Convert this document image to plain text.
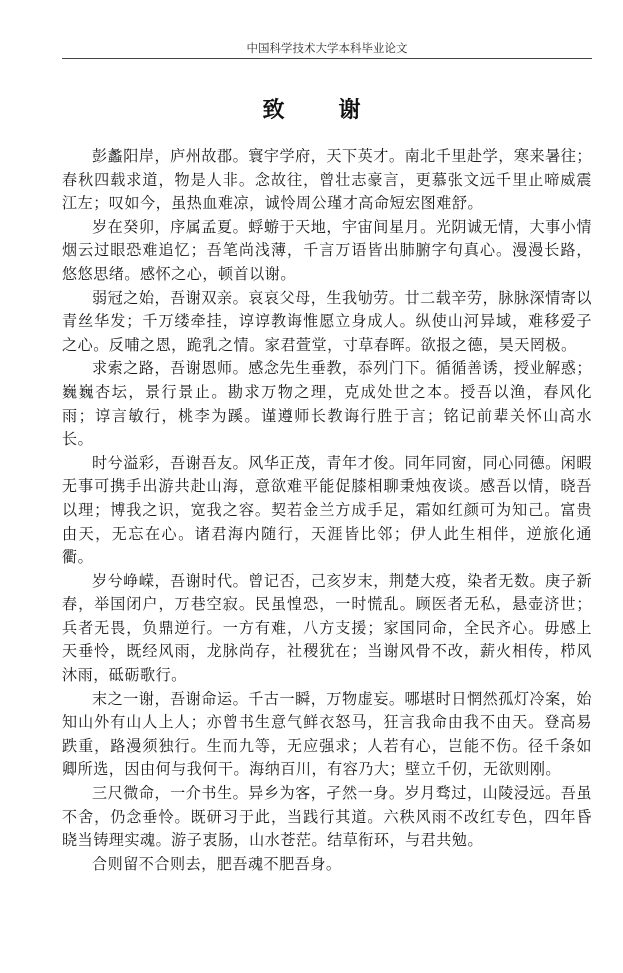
中国科学技术大学本科毕业论文
致　谢

彭蠡阳岸，庐州故郡。寰宇学府，天下英才。南北千里赴学，寒来暑往；春秋四载求道，物是人非。念故往，曾壮志豪言，更慕张文远千里止啼威震江左；叹如今，虽热血难凉，诚怜周公瑾才高命短宏图难舒。

岁在癸卯，序属孟夏。蜉蝣于天地，宇宙间星月。光阴诚无情，大事小情烟云过眼恐难追忆；吾笔尚浅薄，千言万语皆出肺腑字句真心。漫漫长路，悠悠思绪。感怀之心，顿首以谢。

弱冠之始，吾谢双亲。哀哀父母，生我劬劳。廿二载辛劳，脉脉深情寄以青丝华发；千万缕牵挂，谆谆教诲惟愿立身成人。纵使山河异域，难移爱子之心。反哺之恩，跪乳之情。家君萱堂，寸草春晖。欲报之德，昊天罔极。

求索之路，吾谢恩师。感念先生垂教，忝列门下。循循善诱，授业解惑；巍巍杏坛，景行景止。勘求万物之理，克成处世之本。授吾以渔，春风化雨；谆言敏行，桃李为蹊。谨遵师长教诲行胜于言；铭记前辈关怀山高水长。

时兮溢彩，吾谢吾友。风华正茂，青年才俊。同年同窗，同心同德。闲暇无事可携手出游共赴山海，意欲难平能促膝相聊秉烛夜谈。感吾以情，晓吾以理；博我之识，宽我之容。契若金兰方成手足，霜如红颜可为知己。富贵由天，无忘在心。诸君海内随行，天涯皆比邻；伊人此生相伴，逆旅化通衢。

岁兮峥嵘，吾谢时代。曾记否，己亥岁末，荆楚大疫，染者无数。庚子新春，举国闭户，万巷空寂。民虽惶恐，一时慌乱。顾医者无私，悬壶济世；兵者无畏，负鼎逆行。一方有难，八方支援；家国同命，全民齐心。毋感上天垂怜，既经风雨，龙脉尚存，社稷犹在；当谢风骨不改，薪火相传，栉风沐雨，砥砺歌行。

末之一谢，吾谢命运。千古一瞬，万物虚妄。哪堪时日惘然孤灯冷案，始知山外有山人上人；亦曾书生意气鲜衣怒马，狂言我命由我不由天。登高易跌重，路漫须独行。生而九等，无应强求；人若有心，岂能不伤。径千条如卿所选，因由何与我何干。海纳百川，有容乃大；壁立千仞，无欲则刚。

三尺微命，一介书生。异乡为客，孑然一身。岁月骛过，山陵浸远。吾虽不舍，仍念垂怜。既研习于此，当践行其道。六秩风雨不改红专色，四年昏晓当铸理实魂。游子衷肠，山水苍茫。结草衔环，与君共勉。

合则留不合则去，肥吾魂不肥吾身。
